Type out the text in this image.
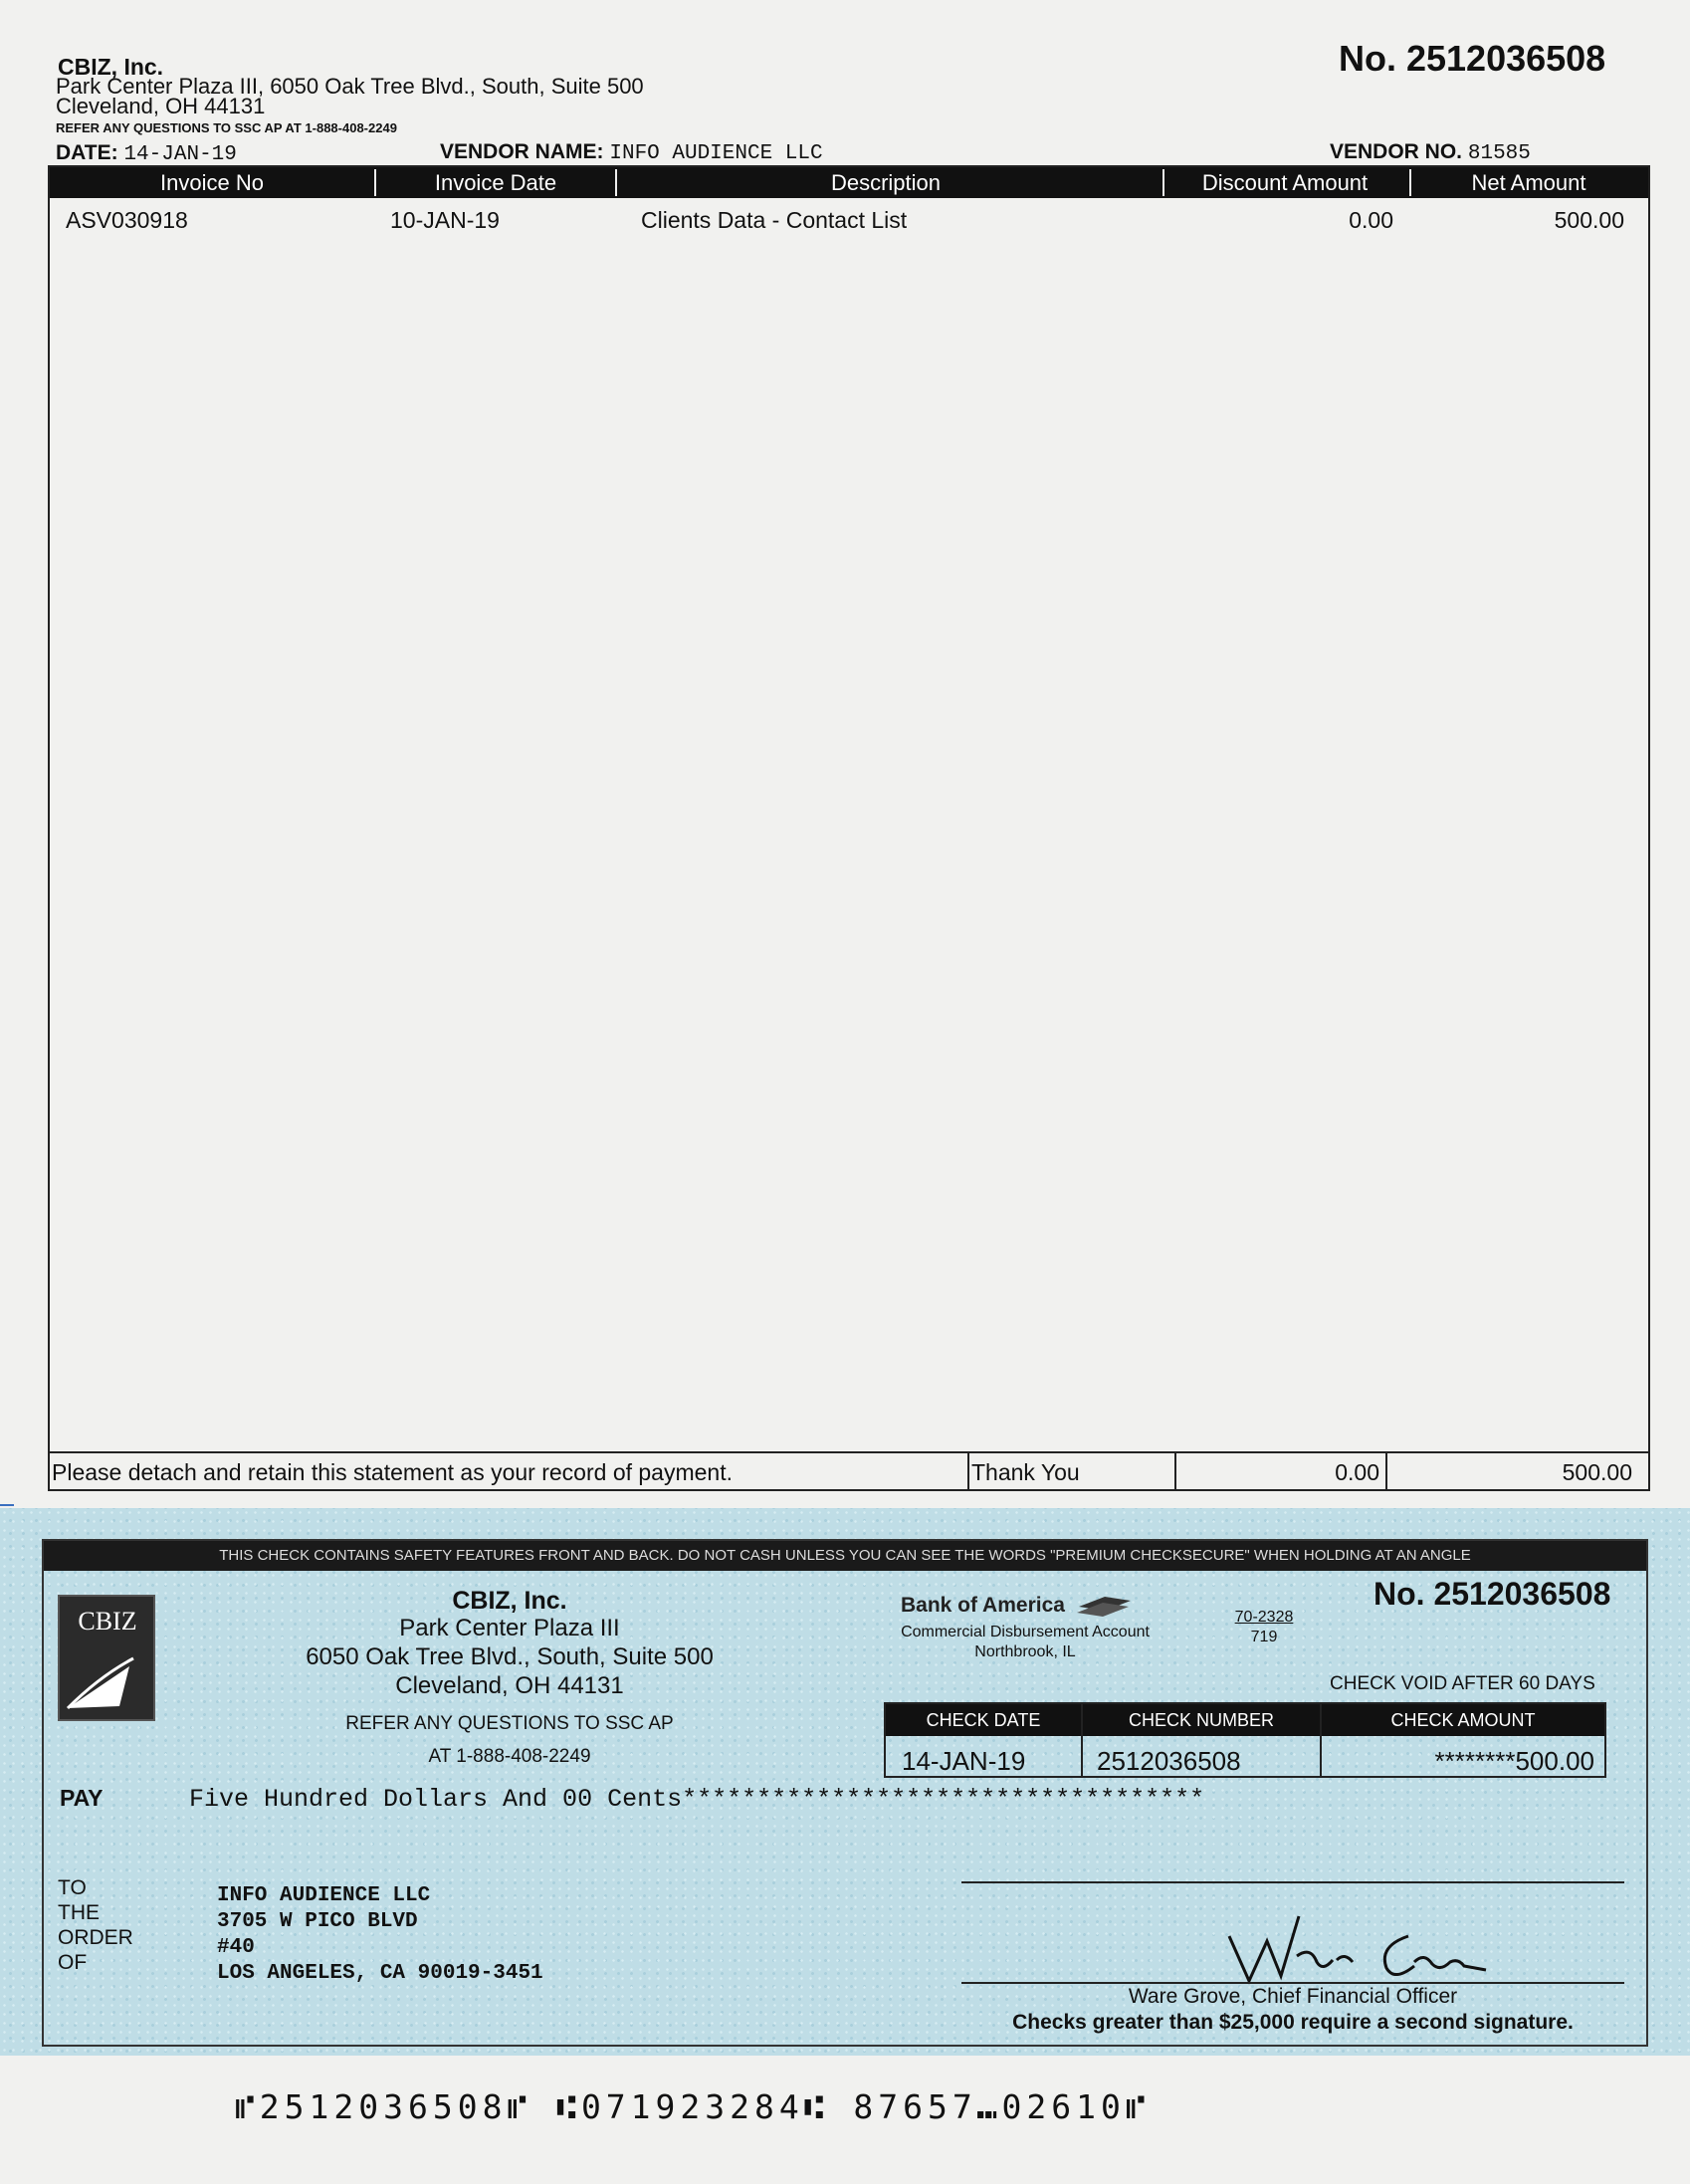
CBIZ, Inc.
Park Center Plaza III, 6050 Oak Tree Blvd., South, Suite 500
Cleveland, OH 44131
REFER ANY QUESTIONS TO SSC AP AT 1-888-408-2249
No. 2512036508
DATE: 14-JAN-19	VENDOR NAME: INFO AUDIENCE LLC	VENDOR NO. 81585
Invoice No	Invoice Date	Description	Discount Amount	Net Amount
ASV030918	10-JAN-19	Clients Data - Contact List	0.00	500.00
Please detach and retain this statement as your record of payment.	Thank You	0.00	500.00
THIS CHECK CONTAINS SAFETY FEATURES FRONT AND BACK. DO NOT CASH UNLESS YOU CAN SEE THE WORDS "PREMIUM CHECKSECURE" WHEN HOLDING AT AN ANGLE
CBIZ
CBIZ, Inc.
Park Center Plaza III
6050 Oak Tree Blvd., South, Suite 500
Cleveland, OH 44131
REFER ANY QUESTIONS TO SSC AP
AT 1-888-408-2249
Bank of America
Commercial Disbursement Account
Northbrook, IL
70-2328
719
No. 2512036508
CHECK VOID AFTER 60 DAYS
CHECK DATE	CHECK NUMBER	CHECK AMOUNT
14-JAN-19	2512036508	********500.00
PAY	Five Hundred Dollars And 00 Cents***********************************
TO
THE
ORDER
OF
INFO AUDIENCE LLC
3705 W PICO BLVD
#40
LOS ANGELES, CA 90019-3451
Ware Grove, Chief Financial Officer
Checks greater than $25,000 require a second signature.
⑈2512036508⑈ ⑆071923284⑆ 87657⑉02610⑈
